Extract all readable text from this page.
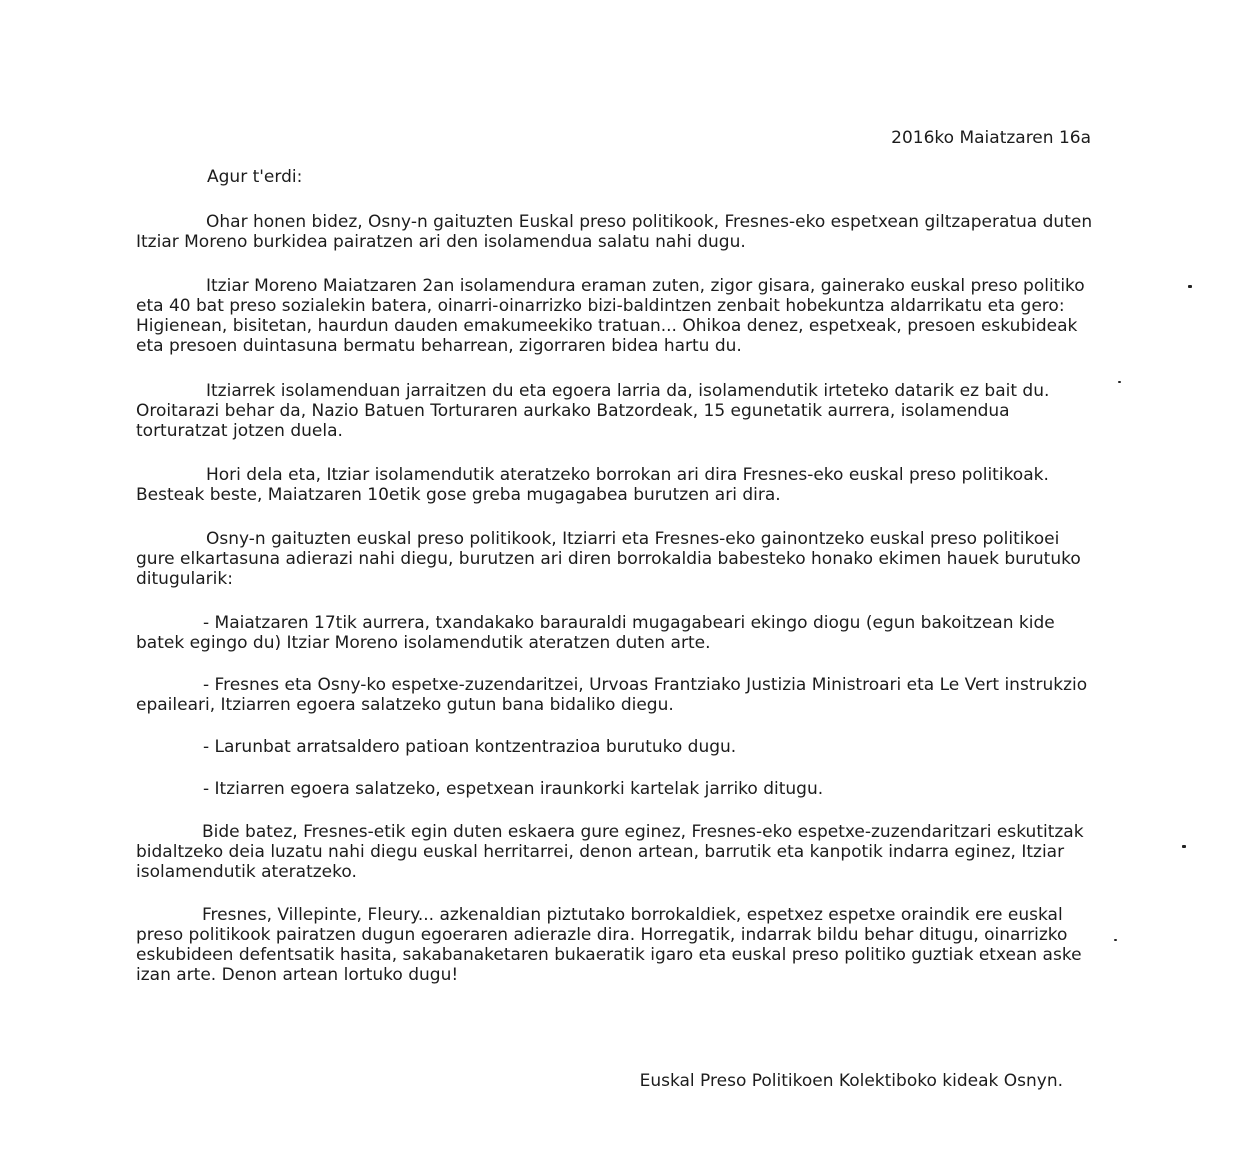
2016ko Maiatzaren 16a
Agur t'erdi:

Ohar honen bidez, Osny-n gaituzten Euskal preso politikook, Fresnes-eko espetxean giltzaperatua duten Itziar Moreno burkidea pairatzen ari den isolamendua salatu nahi dugu.

Itziar Moreno Maiatzaren 2an isolamendura eraman zuten, zigor gisara, gainerako euskal preso politiko eta 40 bat preso sozialekin batera, oinarri-oinarrizko bizi-baldintzen zenbait hobekuntza aldarrikatu eta gero: Higienean, bisitetan, haurdun dauden emakumeekiko tratuan... Ohikoa denez, espetxeak, presoen eskubideak eta presoen duintasuna bermatu beharrean, zigorraren bidea hartu du.

Itziarrek isolamenduan jarraitzen du eta egoera larria da, isolamendutik irteteko datarik ez bait du. Oroitarazi behar da, Nazio Batuen Torturaren aurkako Batzordeak, 15 egunetatik aurrera, isolamendua torturatzat jotzen duela.

Hori dela eta, Itziar isolamendutik ateratzeko borrokan ari dira Fresnes-eko euskal preso politikoak. Besteak beste, Maiatzaren 10etik gose greba mugagabea burutzen ari dira.

Osny-n gaituzten euskal preso politikook, Itziarri eta Fresnes-eko gainontzeko euskal preso politikoei gure elkartasuna adierazi nahi diegu, burutzen ari diren borrokaldia babesteko honako ekimen hauek burutuko ditugularik:

- Maiatzaren 17tik aurrera, txandakako barauraldi mugagabeari ekingo diogu (egun bakoitzean kide batek egingo du) Itziar Moreno isolamendutik ateratzen duten arte.

- Fresnes eta Osny-ko espetxe-zuzendaritzei, Urvoas Frantziako Justizia Ministroari eta Le Vert instrukzio epaileari, Itziarren egoera salatzeko gutun bana bidaliko diegu.

- Larunbat arratsaldero patioan kontzentrazioa burutuko dugu.

- Itziarren egoera salatzeko, espetxean iraunkorki kartelak jarriko ditugu.

Bide batez, Fresnes-etik egin duten eskaera gure eginez, Fresnes-eko espetxe-zuzendaritzari eskutitzak bidaltzeko deia luzatu nahi diegu euskal herritarrei, denon artean, barrutik eta kanpotik indarra eginez, Itziar isolamendutik ateratzeko.

Fresnes, Villepinte, Fleury... azkenaldian piztutako borrokaldiek, espetxez espetxe oraindik ere euskal preso politikook pairatzen dugun egoeraren adierazle dira. Horregatik, indarrak bildu behar ditugu, oinarrizko eskubideen defentsatik hasita, sakabanaketaren bukaeratik igaro eta euskal preso politiko guztiak etxean aske izan arte. Denon artean lortuko dugu!

Euskal Preso Politikoen Kolektiboko kideak Osnyn.
